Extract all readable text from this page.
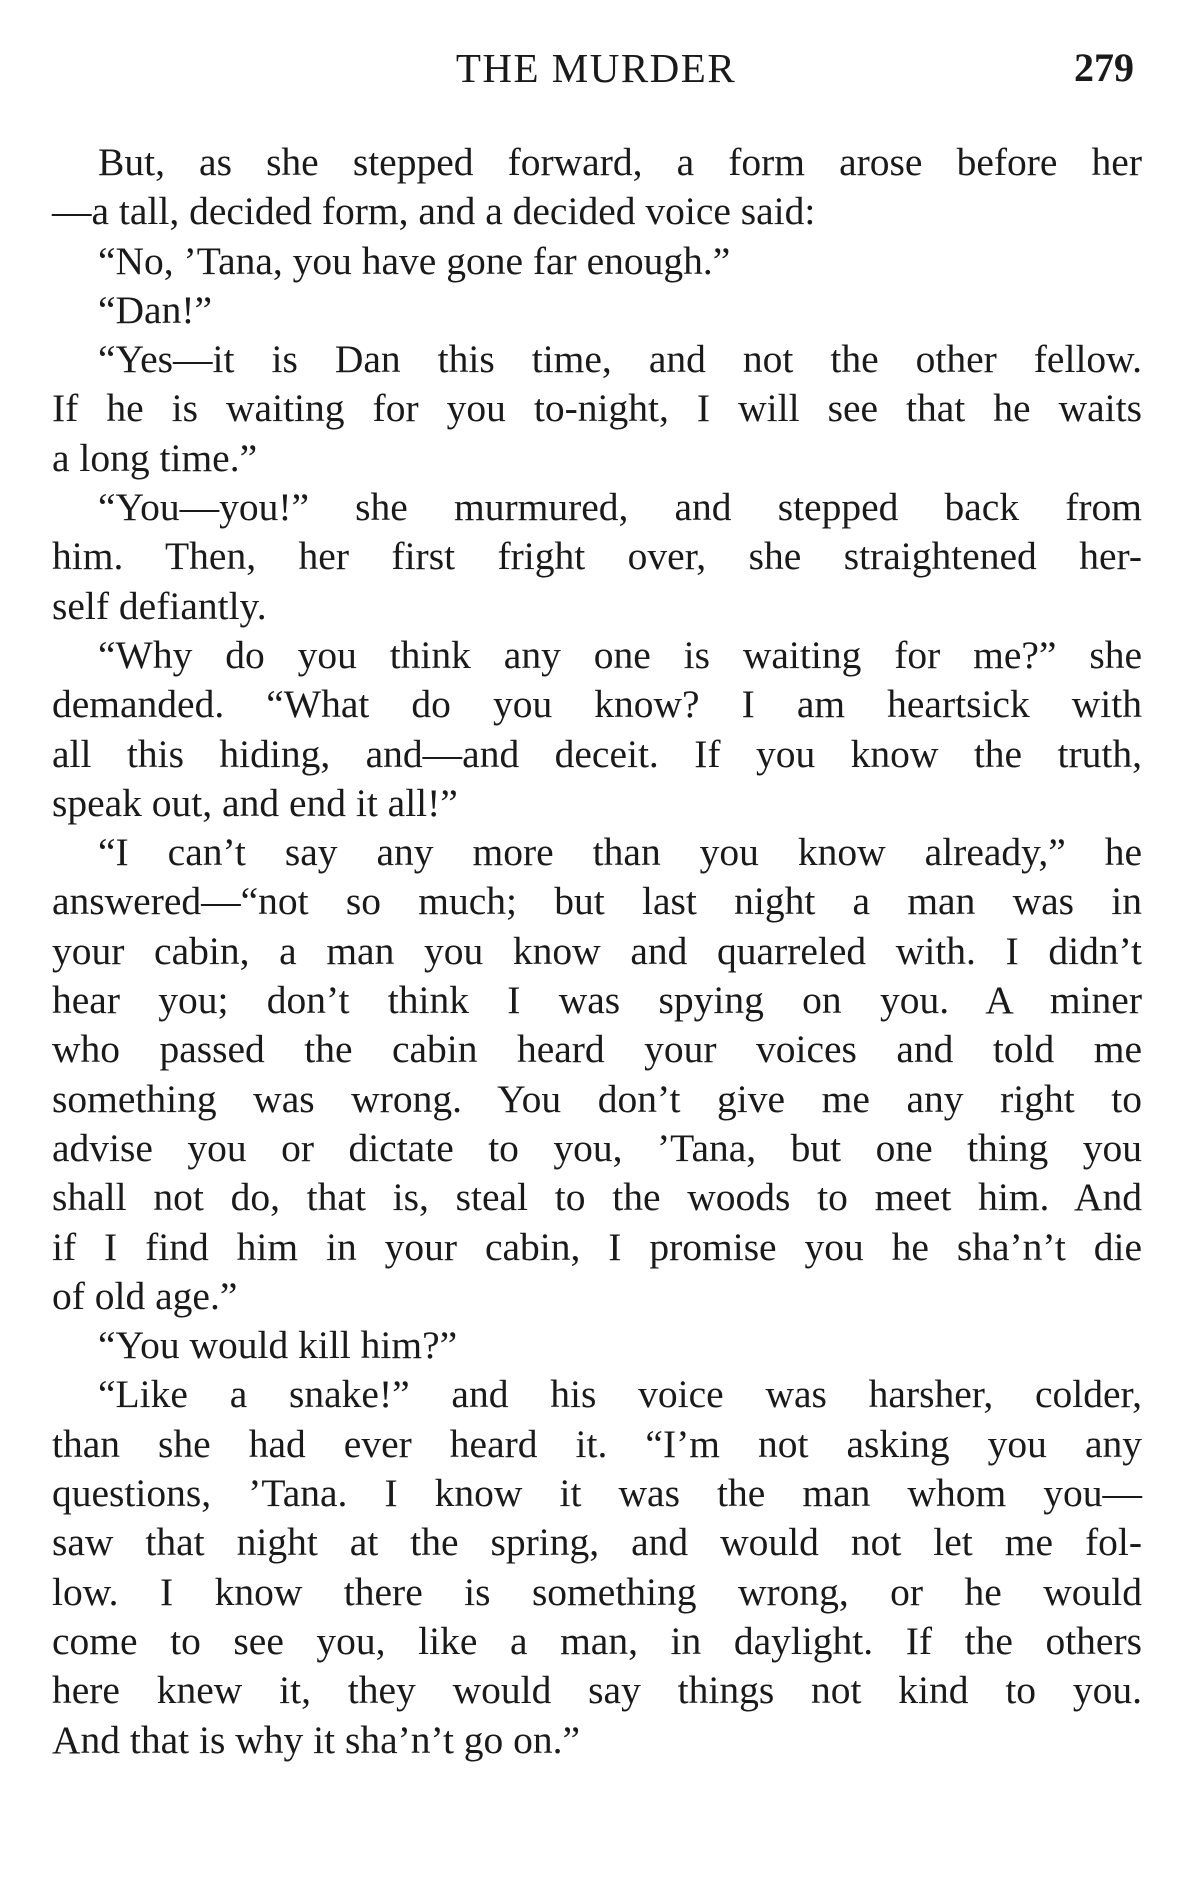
THE MURDER	279
But, as she stepped forward, a form arose before her
—a tall, decided form, and a decided voice said:
“No, ’Tana, you have gone far enough.”
“Dan!”
“Yes—it is Dan this time, and not the other fellow.
If he is waiting for you to-night, I will see that he waits
a long time.”
“You—you!” she murmured, and stepped back from
him. Then, her first fright over, she straightened her-
self defiantly.
“Why do you think any one is waiting for me?” she
demanded. “What do you know? I am heartsick with
all this hiding, and—and deceit. If you know the truth,
speak out, and end it all!”
“I can’t say any more than you know already,” he
answered—“not so much; but last night a man was in
your cabin, a man you know and quarreled with. I didn’t
hear you; don’t think I was spying on you. A miner
who passed the cabin heard your voices and told me
something was wrong. You don’t give me any right to
advise you or dictate to you, ’Tana, but one thing you
shall not do, that is, steal to the woods to meet him. And
if I find him in your cabin, I promise you he sha’n’t die
of old age.”
“You would kill him?”
“Like a snake!” and his voice was harsher, colder,
than she had ever heard it. “I’m not asking you any
questions, ’Tana. I know it was the man whom you—
saw that night at the spring, and would not let me fol-
low. I know there is something wrong, or he would
come to see you, like a man, in daylight. If the others
here knew it, they would say things not kind to you.
And that is why it sha’n’t go on.”
